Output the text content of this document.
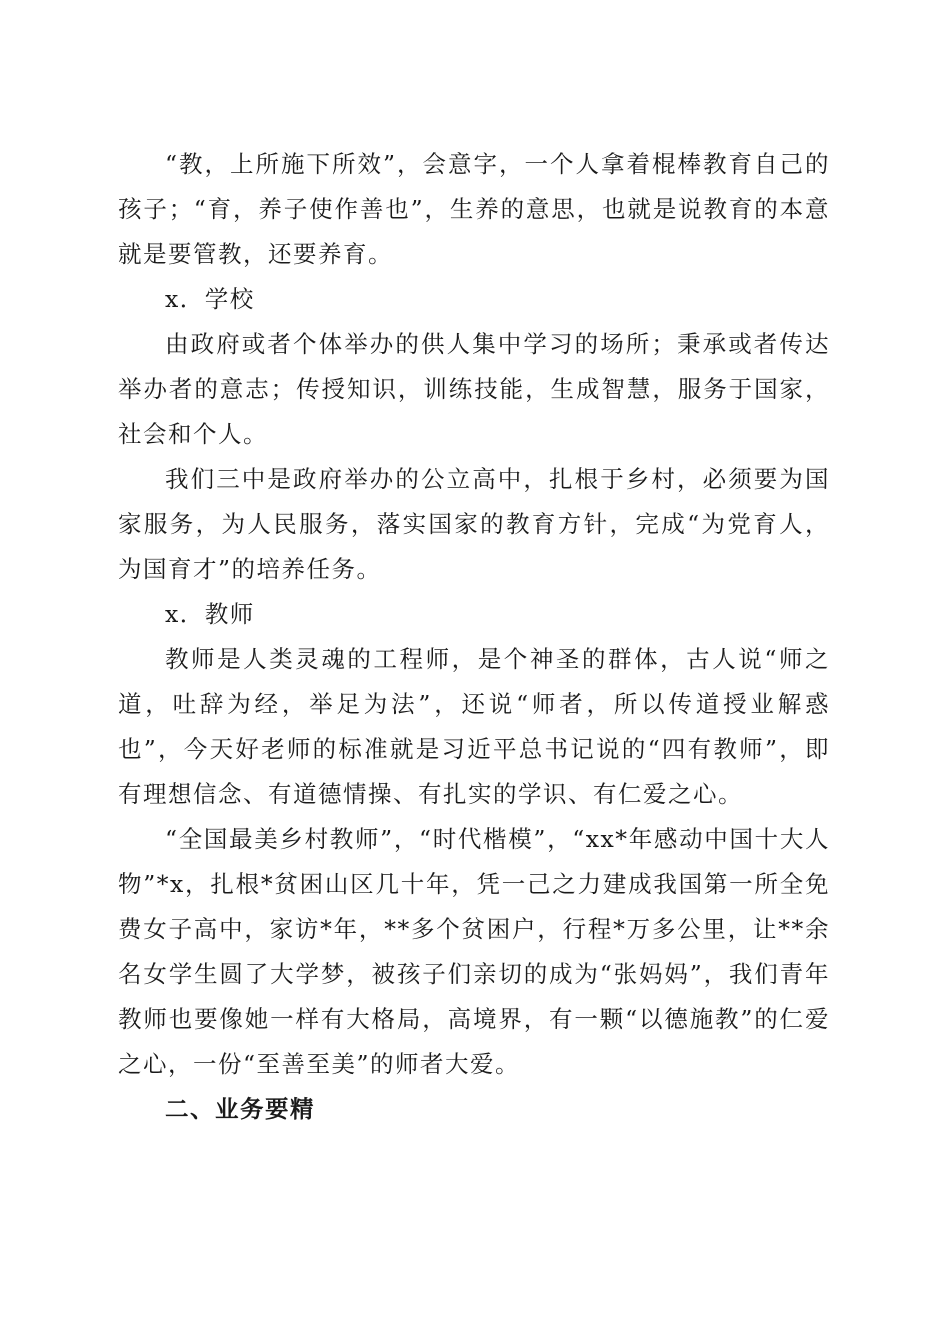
“教，上所施下所效”，会意字，一个人拿着棍棒教育自己的孩子；“育，养子使作善也”，生养的意思，也就是说教育的本意就是要管教，还要养育。

x．学校

由政府或者个体举办的供人集中学习的场所；秉承或者传达举办者的意志；传授知识，训练技能，生成智慧，服务于国家，社会和个人。

我们三中是政府举办的公立高中，扎根于乡村，必须要为国家服务，为人民服务，落实国家的教育方针，完成“为党育人，为国育才”的培养任务。

x．教师

教师是人类灵魂的工程师，是个神圣的群体，古人说“师之道，吐辞为经，举足为法”，还说“师者，所以传道授业解惑也”，今天好老师的标准就是习近平总书记说的“四有教师”，即有理想信念、有道德情操、有扎实的学识、有仁爱之心。

“全国最美乡村教师”，“时代楷模”，“xx*年感动中国十大人物”*x，扎根*贫困山区几十年，凭一己之力建成我国第一所全免费女子高中，家访*年，**多个贫困户，行程*万多公里，让**余名女学生圆了大学梦，被孩子们亲切的成为“张妈妈”，我们青年教师也要像她一样有大格局，高境界，有一颗“以德施教”的仁爱之心，一份“至善至美”的师者大爱。

二、业务要精
